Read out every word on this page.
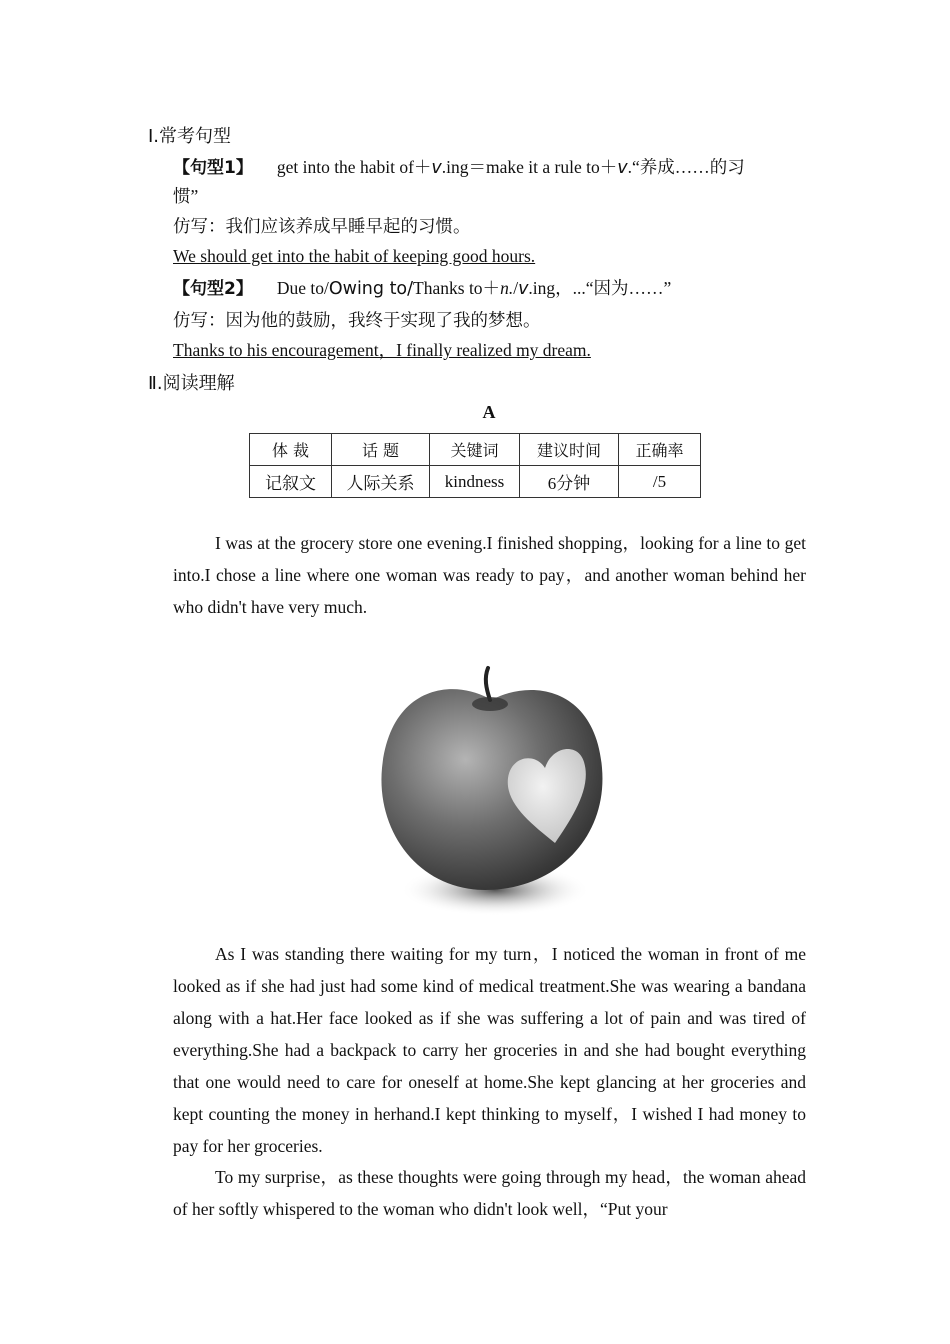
Ⅰ.常考句型
【句型1】 get into the habit of＋v.ing＝make it a rule to＋v.“养成……的习
惯”
仿写：我们应该养成早睡早起的习惯。
We should get into the habit of keeping good hours.
【句型2】 Due to/Owing to/Thanks to＋n./v.ing，...“因为……”
仿写：因为他的鼓励，我终于实现了我的梦想。
Thanks to his encouragement，I finally realized my dream.
Ⅱ.阅读理解
A
体 裁	话 题	关键词	建议时间	正确率
记叙文	人际关系	kindness	6分钟	/5
I was at the grocery store one evening.I finished shopping，looking for a line to get into.I chose a line where one woman was ready to pay，and another woman behind her who didn't have very much.
As I was standing there waiting for my turn，I noticed the woman in front of me looked as if she had just had some kind of medical treatment.She was wearing a bandana along with a hat.Her face looked as if she was suffering a lot of pain and was tired of everything.She had a backpack to carry her groceries in and she had bought everything that one would need to care for oneself at home.She kept glancing at her groceries and kept counting the money in herhand.I kept thinking to myself，I wished I had money to pay for her groceries.
To my surprise，as these thoughts were going through my head，the woman ahead of her softly whispered to the woman who didn't look well，“Put your
